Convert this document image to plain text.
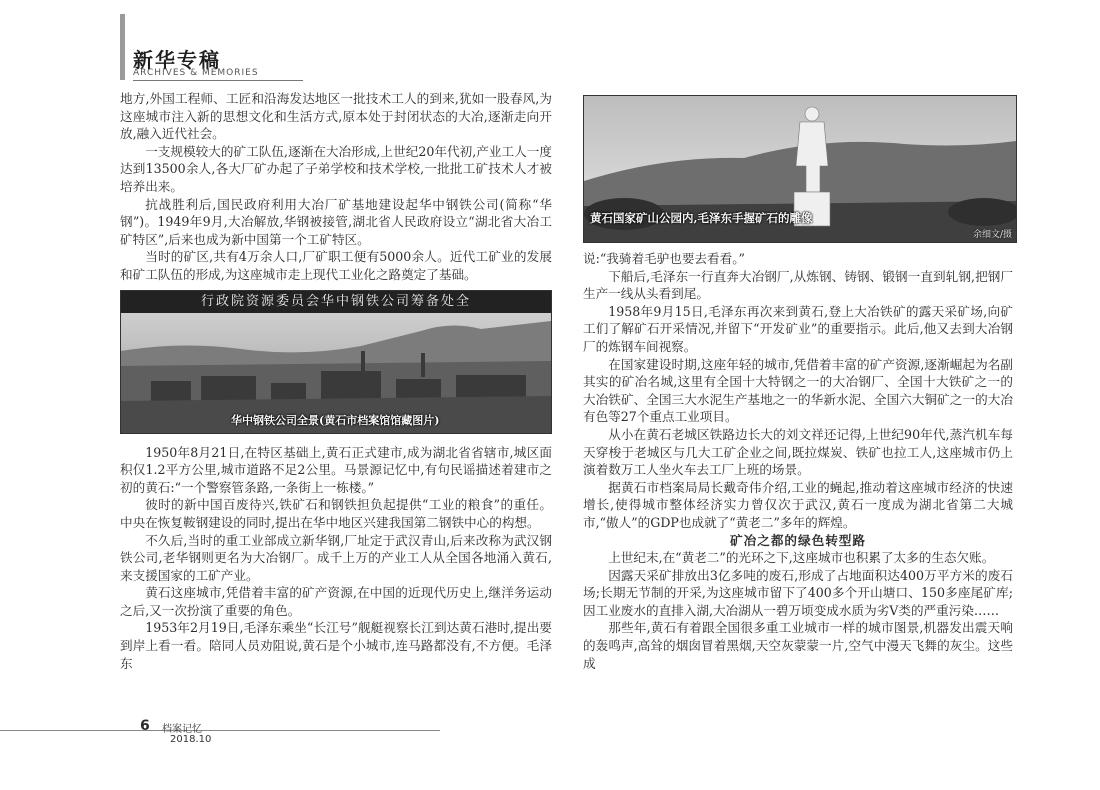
新华专稿
ARCHIVES & MEMORIES

地方,外国工程师、工匠和沿海发达地区一批技术工人的到来,犹如一股春风,为这座城市注入新的思想文化和生活方式,原本处于封闭状态的大冶,逐渐走向开放,融入近代社会。

一支规模较大的矿工队伍,逐渐在大冶形成,上世纪20年代初,产业工人一度达到13500余人,各大厂矿办起了子弟学校和技术学校,一批批工矿技术人才被培养出来。

抗战胜利后,国民政府利用大冶厂矿基地建设起华中钢铁公司(简称“华钢”)。1949年9月,大冶解放,华钢被接管,湖北省人民政府设立“湖北省大冶工矿特区”,后来也成为新中国第一个工矿特区。

当时的矿区,共有4万余人口,厂矿职工便有5000余人。近代工矿业的发展和矿工队伍的形成,为这座城市走上现代工业化之路奠定了基础。

行政院资源委员会华中钢铁公司筹备处全
华中钢铁公司全景(黄石市档案馆馆藏图片)

1950年8月21日,在特区基础上,黄石正式建市,成为湖北省省辖市,城区面积仅1.2平方公里,城市道路不足2公里。马景源记忆中,有句民谣描述着建市之初的黄石:“一个警察管条路,一条街上一栋楼。”

彼时的新中国百废待兴,铁矿石和钢铁担负起提供“工业的粮食”的重任。中央在恢复鞍钢建设的同时,提出在华中地区兴建我国第二钢铁中心的构想。

不久后,当时的重工业部成立新华钢,厂址定于武汉青山,后来改称为武汉钢铁公司,老华钢则更名为大冶钢厂。成千上万的产业工人从全国各地涌入黄石,来支援国家的工矿产业。

黄石这座城市,凭借着丰富的矿产资源,在中国的近现代历史上,继洋务运动之后,又一次扮演了重要的角色。

1953年2月19日,毛泽东乘坐“长江号”舰艇视察长江到达黄石港时,提出要到岸上看一看。陪同人员劝阻说,黄石是个小城市,连马路都没有,不方便。毛泽东

黄石国家矿山公园内,毛泽东手握矿石的雕像
余细文/摄

说:“我骑着毛驴也要去看看。”

下船后,毛泽东一行直奔大冶钢厂,从炼钢、铸钢、锻钢一直到轧钢,把钢厂生产一线从头看到尾。

1958年9月15日,毛泽东再次来到黄石,登上大冶铁矿的露天采矿场,向矿工们了解矿石开采情况,并留下“开发矿业”的重要指示。此后,他又去到大冶钢厂的炼钢车间视察。

在国家建设时期,这座年轻的城市,凭借着丰富的矿产资源,逐渐崛起为名副其实的矿冶名城,这里有全国十大特钢之一的大冶钢厂、全国十大铁矿之一的大冶铁矿、全国三大水泥生产基地之一的华新水泥、全国六大铜矿之一的大冶有色等27个重点工业项目。

从小在黄石老城区铁路边长大的刘文祥还记得,上世纪90年代,蒸汽机车每天穿梭于老城区与几大工矿企业之间,既拉煤炭、铁矿也拉工人,这座城市仍上演着数万工人坐火车去工厂上班的场景。

据黄石市档案局局长戴奇伟介绍,工业的蝇起,推动着这座城市经济的快速增长,使得城市整体经济实力曾仅次于武汉,黄石一度成为湖北省第二大城市,“傲人”的GDP也成就了“黄老二”多年的辉煌。

矿冶之都的绿色转型路

上世纪末,在“黄老二”的光环之下,这座城市也积累了太多的生态欠账。

因露天采矿排放出3亿多吨的废石,形成了占地面积达400万平方米的废石场;长期无节制的开采,为这座城市留下了400多个开山塘口、150多座尾矿库;因工业废水的直排入湖,大冶湖从一碧万顷变成水质为劣V类的严重污染……

那些年,黄石有着跟全国很多重工业城市一样的城市图景,机器发出震天响的轰鸣声,高耸的烟囱冒着黑烟,天空灰蒙蒙一片,空气中漫天飞舞的灰尘。这些成

6 档案记忆
2018.10
